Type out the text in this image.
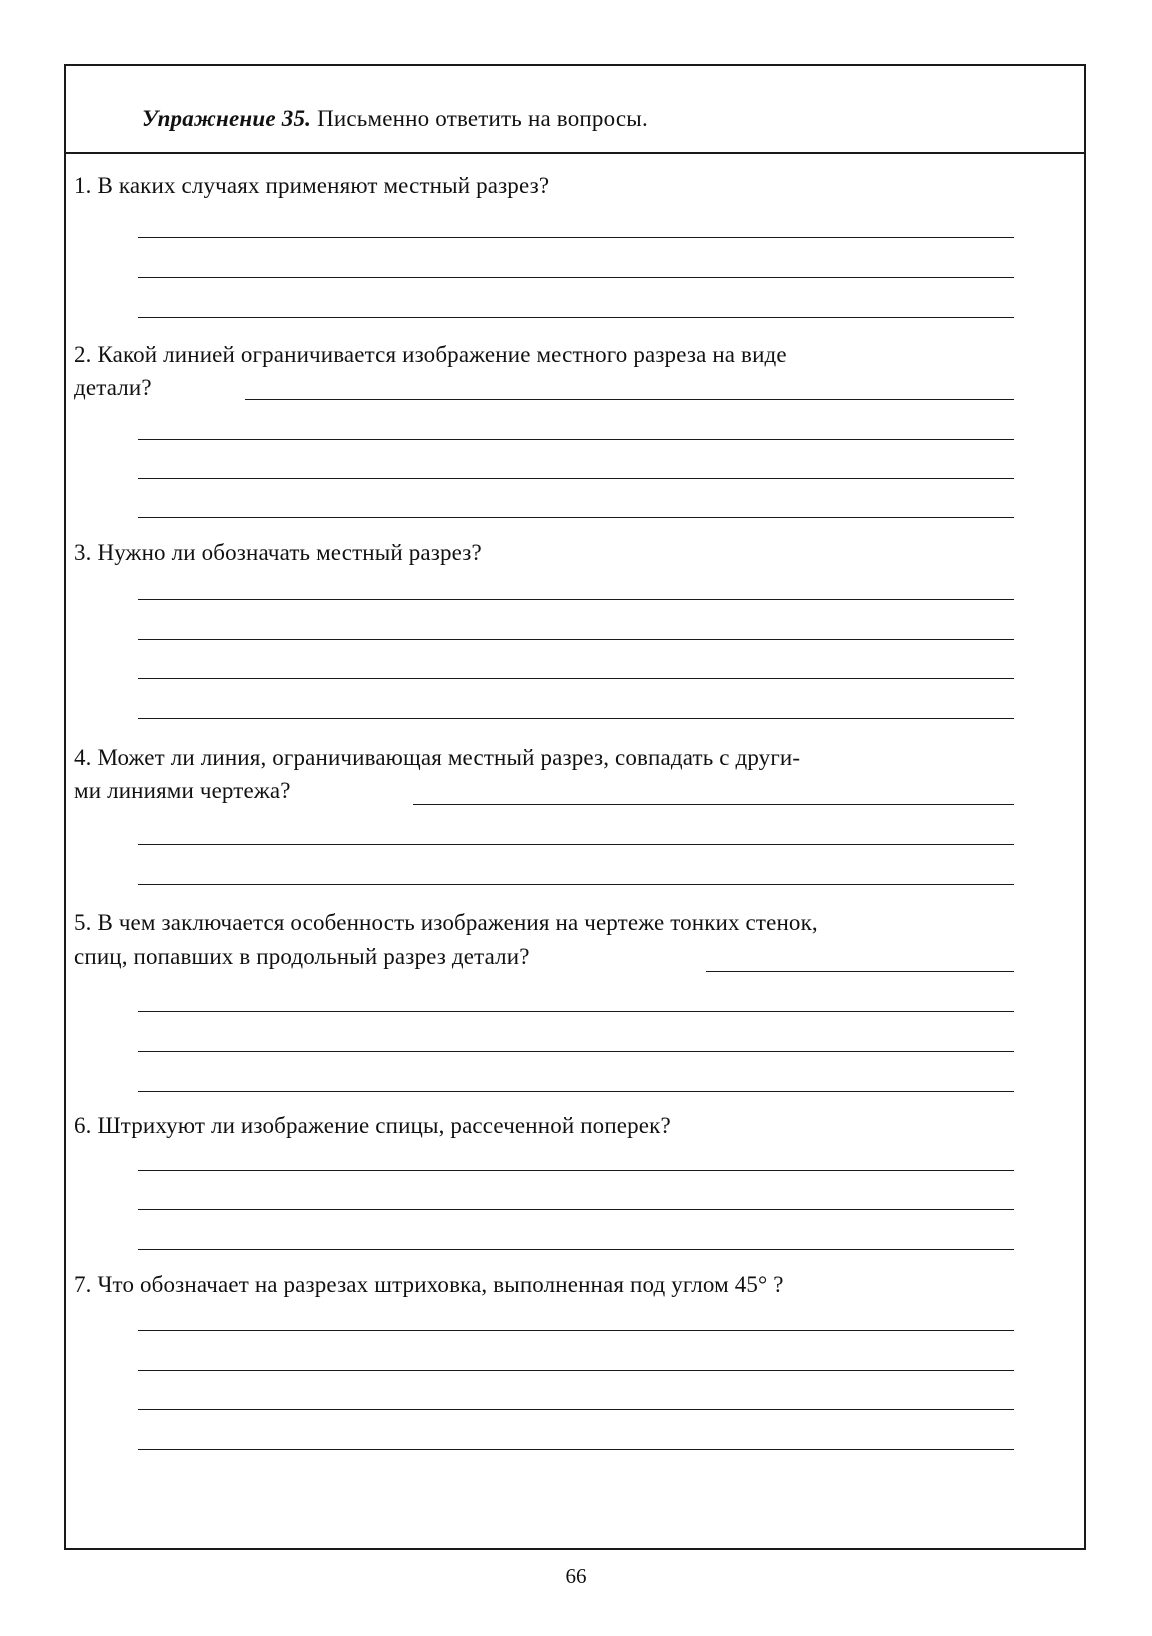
Упражнение 35. Письменно ответить на вопросы.
1. В каких случаях применяют местный разрез?
2. Какой линией ограничивается изображение местного разреза на виде
детали?
3. Нужно ли обозначать местный разрез?
4. Может ли линия, ограничивающая местный разрез, совпадать с други-
ми линиями чертежа?
5. В чем заключается особенность изображения на чертеже тонких стенок,
спиц, попавших в продольный разрез детали?
6. Штрихуют ли изображение спицы, рассеченной поперек?
7. Что обозначает на разрезах штриховка, выполненная под углом 45° ?
66
